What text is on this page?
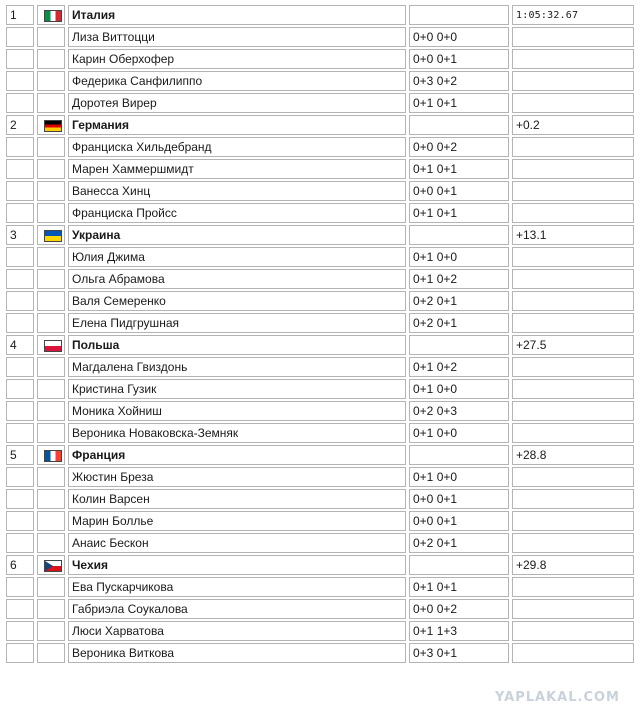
1		Италия		1:05:32.67
		Лиза Виттоцци	0+0 0+0	
		Карин Оберхофер	0+0 0+1	
		Федерика Санфилиппо	0+3 0+2	
		Доротея Вирер	0+1 0+1	
2		Германия		+0.2
		Франциска Хильдебранд	0+0 0+2	
		Марен Хаммершмидт	0+1 0+1	
		Ванесса Хинц	0+0 0+1	
		Франциска Пройсс	0+1 0+1	
3		Украина		+13.1
		Юлия Джима	0+1 0+0	
		Ольга Абрамова	0+1 0+2	
		Валя Семеренко	0+2 0+1	
		Елена Пидгрушная	0+2 0+1	
4		Польша		+27.5
		Магдалена Гвиздонь	0+1 0+2	
		Кристина Гузик	0+1 0+0	
		Моника Хойниш	0+2 0+3	
		Вероника Новаковска-Земняк	0+1 0+0	
5		Франция		+28.8
		Жюстин Бреза	0+1 0+0	
		Колин Варсен	0+0 0+1	
		Марин Болльe	0+0 0+1	
		Анаис Бескон	0+2 0+1	
6		Чехия		+29.8
		Ева Пускарчикова	0+1 0+1	
		Габриэла Соукалова	0+0 0+2	
		Люси Харватова	0+1 1+3	
		Вероника Виткова	0+3 0+1	
YAPLAKAL.COM
